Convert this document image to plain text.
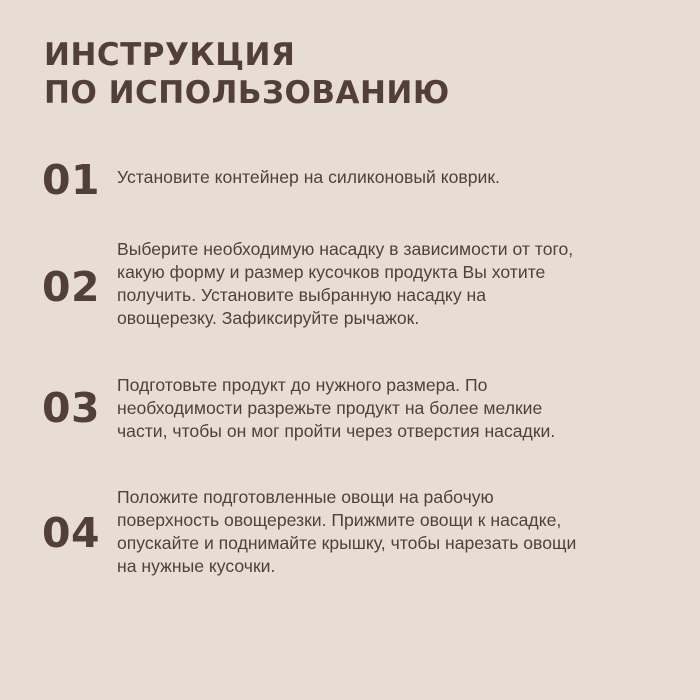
ИНСТРУКЦИЯ
ПО ИСПОЛЬЗОВАНИЮ
01 Установите контейнер на силиконовый коврик.
02
Выберите необходимую насадку в зависимости от того,
какую форму и размер кусочков продукта Вы хотите
получить. Установите выбранную насадку на
овощерезку. Зафиксируйте рычажок.
03 Подготовьте продукт до нужного размера. По
необходимости разрежьте продукт на более мелкие
части, чтобы он мог пройти через отверстия насадки.
04
Положите подготовленные овощи на рабочую
поверхность овощерезки. Прижмите овощи к насадке,
опускайте и поднимайте крышку, чтобы нарезать овощи
на нужные кусочки.
